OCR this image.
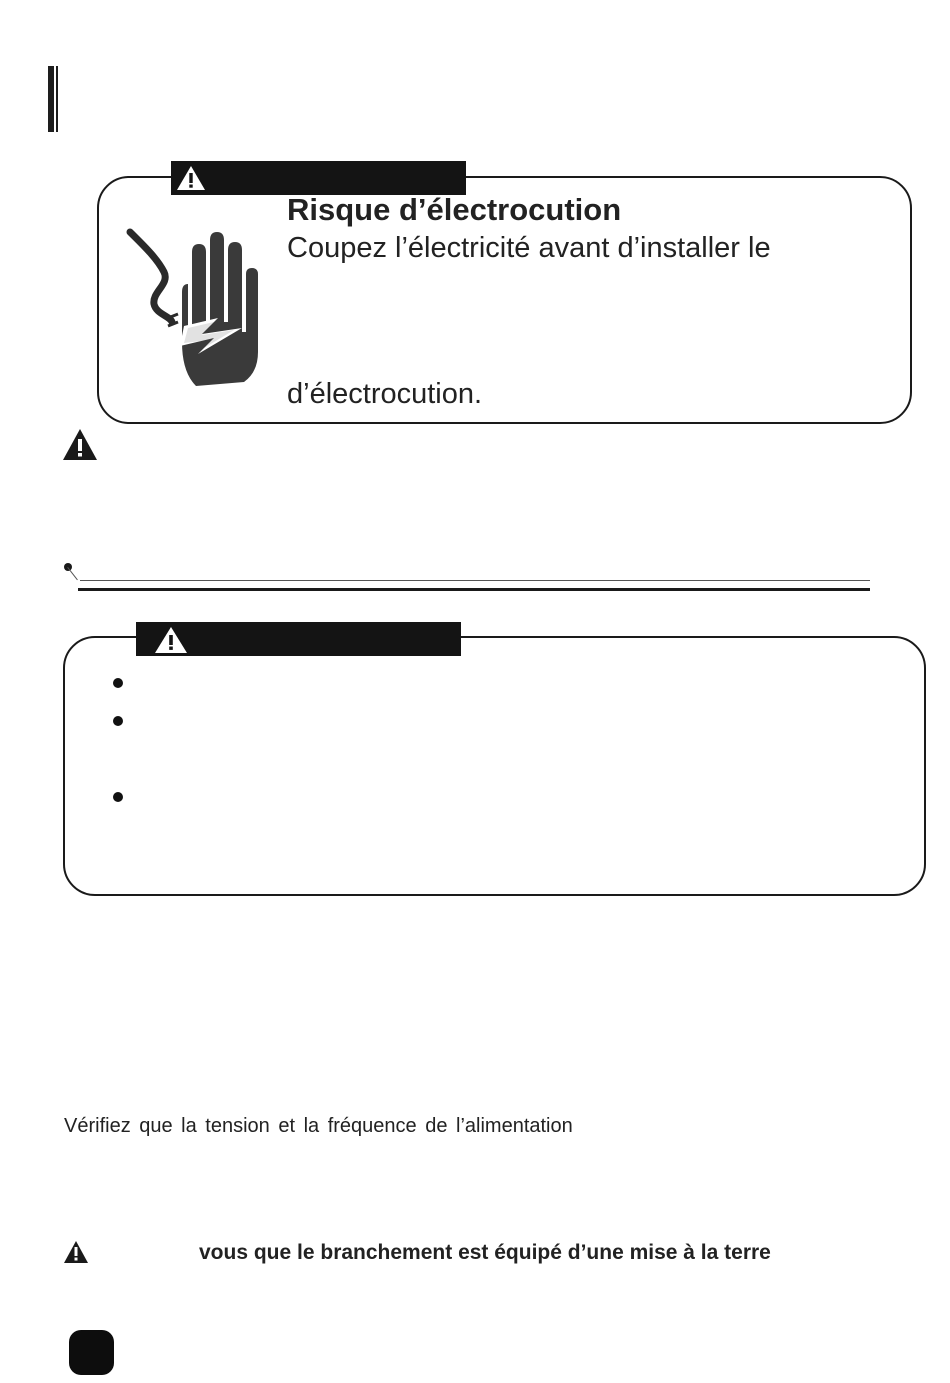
Risque d’électrocution
Coupez l’électricité avant d’installer le
d’électrocution.
Vérifiez que la tension et la fréquence de l’alimentation
vous que le branchement est équipé d’une mise à la terre
